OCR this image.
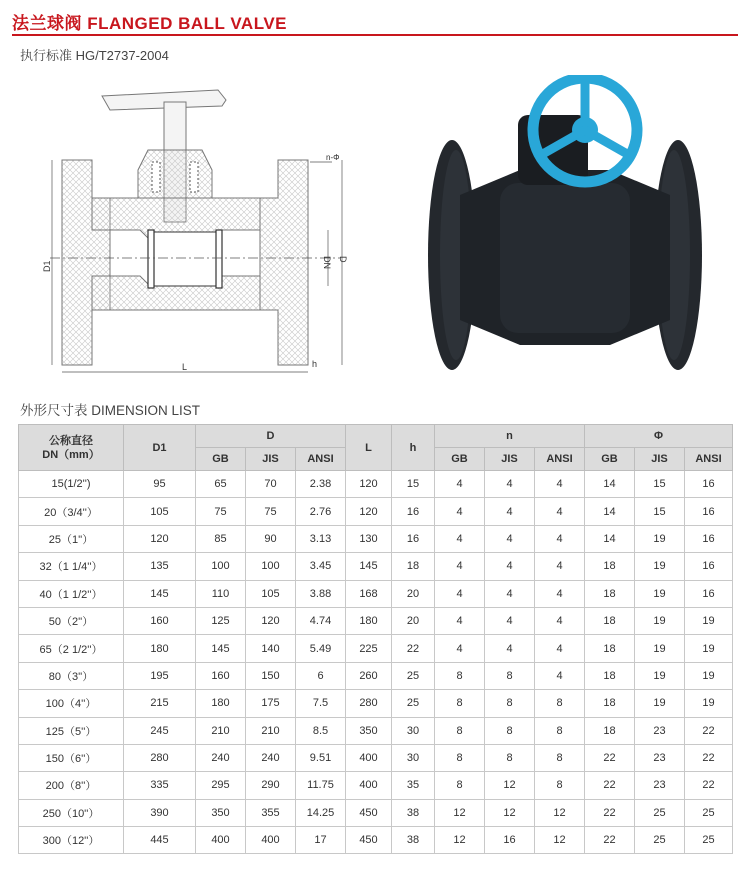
法兰球阀 FLANGED BALL VALVE
执行标准 HG/T2737-2004
D1	DN D
L	h
n-Φ
外形尺寸表 DIMENSION LIST
公称直径
DN（mm）	D1	D			L	h	n			Φ		
		GB	JIS	ANSI			GB	JIS	ANSI	GB	JIS	ANSI
15(1/2'')	95	65	70	2.38	120	15	4	4	4	14	15	16
20（3/4''）	105	75	75	2.76	120	16	4	4	4	14	15	16
25（1''）	120	85	90	3.13	130	16	4	4	4	14	19	16
32（1 1/4''）	135	100	100	3.45	145	18	4	4	4	18	19	16
40（1 1/2''）	145	110	105	3.88	168	20	4	4	4	18	19	16
50（2''）	160	125	120	4.74	180	20	4	4	4	18	19	19
65（2 1/2''）	180	145	140	5.49	225	22	4	4	4	18	19	19
80（3''）	195	160	150	6	260	25	8	8	4	18	19	19
100（4''）	215	180	175	7.5	280	25	8	8	8	18	19	19
125（5''）	245	210	210	8.5	350	30	8	8	8	18	23	22
150（6''）	280	240	240	9.51	400	30	8	8	8	22	23	22
200（8''）	335	295	290	11.75	400	35	8	12	8	22	23	22
250（10''）	390	350	355	14.25	450	38	12	12	12	22	25	25
300（12''）	445	400	400	17	450	38	12	16	12	22	25	25
